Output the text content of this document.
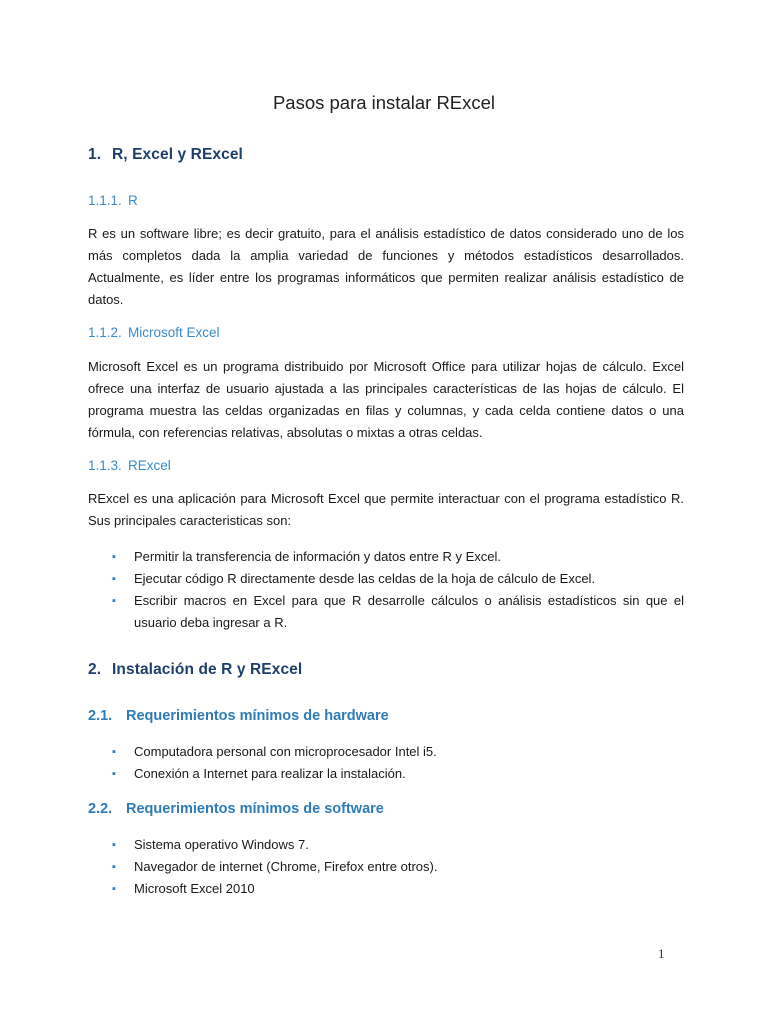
Pasos para instalar RExcel
1. R, Excel y RExcel
1.1.1. R

R es un software libre; es decir gratuito, para el análisis estadístico de datos considerado uno de los más completos dada la amplia variedad de funciones y métodos estadísticos desarrollados. Actualmente, es líder entre los programas informáticos que permiten realizar análisis estadístico de datos.

1.1.2. Microsoft Excel

Microsoft Excel es un programa distribuido por Microsoft Office para utilizar hojas de cálculo. Excel ofrece una interfaz de usuario ajustada a las principales características de las hojas de cálculo. El programa muestra las celdas organizadas en filas y columnas, y cada celda contiene datos o una fórmula, con referencias relativas, absolutas o mixtas a otras celdas.

1.1.3. RExcel

RExcel es una aplicación para Microsoft Excel que permite interactuar con el programa estadístico R. Sus principales caracteristicas son:

▪ Permitir la transferencia de información y datos entre R y Excel.
▪ Ejecutar código R directamente desde las celdas de la hoja de cálculo de Excel.
▪ Escribir macros en Excel para que R desarrolle cálculos o análisis estadísticos sin que el usuario deba ingresar a R.
2. Instalación de R y RExcel
2.1. Requerimientos mínimos de hardware
▪ Computadora personal con microprocesador Intel i5.
▪ Conexión a Internet para realizar la instalación.
2.2. Requerimientos mínimos de software
▪ Sistema operativo Windows 7.
▪ Navegador de internet (Chrome, Firefox entre otros).
▪ Microsoft Excel 2010
1
